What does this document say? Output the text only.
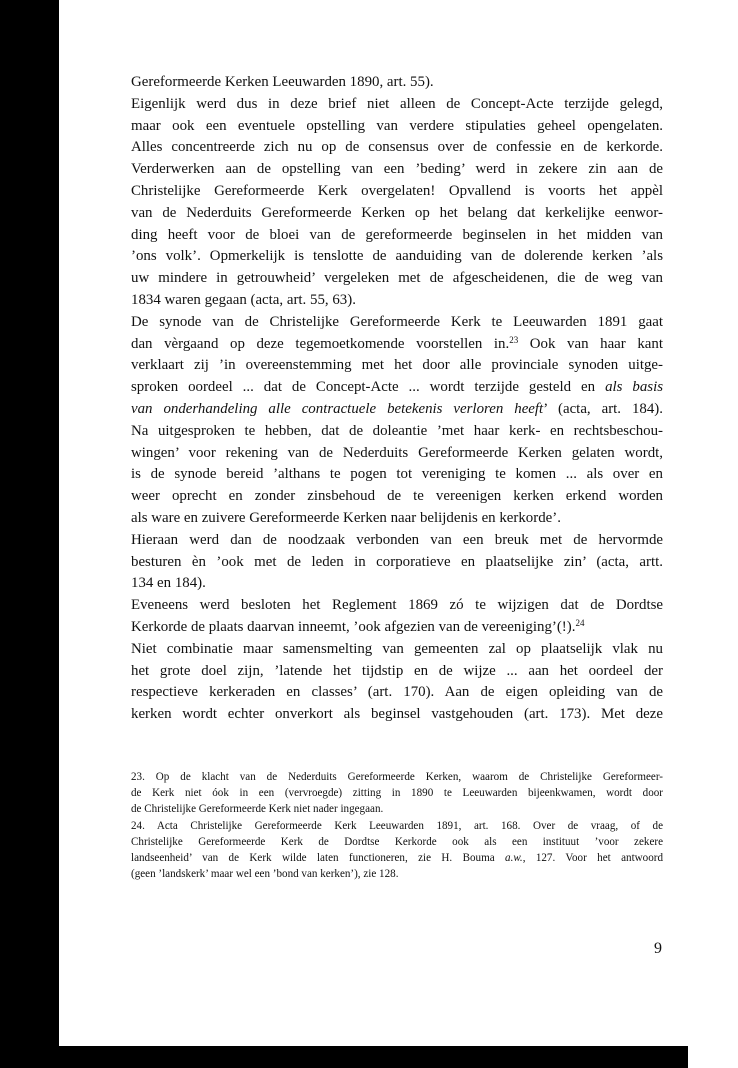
Gereformeerde Kerken Leeuwarden 1890, art. 55).

Eigenlijk werd dus in deze brief niet alleen de Concept-Acte terzijde gelegd,

maar ook een eventuele opstelling van verdere stipulaties geheel opengelaten.

Alles concentreerde zich nu op de consensus over de confessie en de kerkorde.

Verderwerken aan de opstelling van een ’beding’ werd in zekere zin aan de

Christelijke Gereformeerde Kerk overgelaten! Opvallend is voorts het appèl

van de Nederduits Gereformeerde Kerken op het belang dat kerkelijke eenwor-

ding heeft voor de bloei van de gereformeerde beginselen in het midden van

’ons volk’. Opmerkelijk is tenslotte de aanduiding van de dolerende kerken ’als

uw mindere in getrouwheid’ vergeleken met de afgescheidenen, die de weg van

1834 waren gegaan (acta, art. 55, 63).

De synode van de Christelijke Gereformeerde Kerk te Leeuwarden 1891 gaat

dan vèrgaand op deze tegemoetkomende voorstellen in.$^{23}$ Ook van haar kant

verklaart zij ’in overeenstemming met het door alle provinciale synoden uitge-

sproken oordeel ... dat de Concept-Acte ... wordt terzijde gesteld en als basis

van onderhandeling alle contractuele betekenis verloren heeft’ (acta, art. 184).

Na uitgesproken te hebben, dat de doleantie ’met haar kerk- en rechtsbeschou-

wingen’ voor rekening van de Nederduits Gereformeerde Kerken gelaten wordt,

is de synode bereid ’althans te pogen tot vereniging te komen ... als over en

weer oprecht en zonder zinsbehoud de te vereenigen kerken erkend worden

als ware en zuivere Gereformeerde Kerken naar belijdenis en kerkorde’.

Hieraan werd dan de noodzaak verbonden van een breuk met de hervormde

besturen èn ’ook met de leden in corporatieve en plaatselijke zin’ (acta, artt.

134 en 184).

Eveneens werd besloten het Reglement 1869 zó te wijzigen dat de Dordtse

Kerkorde de plaats daarvan inneemt, ’ook afgezien van de vereeniging’(!).$^{24}$

Niet combinatie maar samensmelting van gemeenten zal op plaatselijk vlak nu

het grote doel zijn, ’latende het tijdstip en de wijze ... aan het oordeel der

respectieve kerkeraden en classes’ (art. 170). Aan de eigen opleiding van de

kerken wordt echter onverkort als beginsel vastgehouden (art. 173). Met deze

23. Op de klacht van de Nederduits Gereformeerde Kerken, waarom de Christelijke Gereformeer-

de Kerk niet óok in een (vervroegde) zitting in 1890 te Leeuwarden bijeenkwamen, wordt door

de Christelijke Gereformeerde Kerk niet nader ingegaan.

24. Acta Christelijke Gereformeerde Kerk Leeuwarden 1891, art. 168. Over de vraag, of de

Christelijke Gereformeerde Kerk de Dordtse Kerkorde ook als een instituut ’voor zekere

landseenheid’ van de Kerk wilde laten functioneren, zie H. Bouma a.w., 127. Voor het antwoord

(geen ’landskerk’ maar wel een ’bond van kerken’), zie 128.

9
